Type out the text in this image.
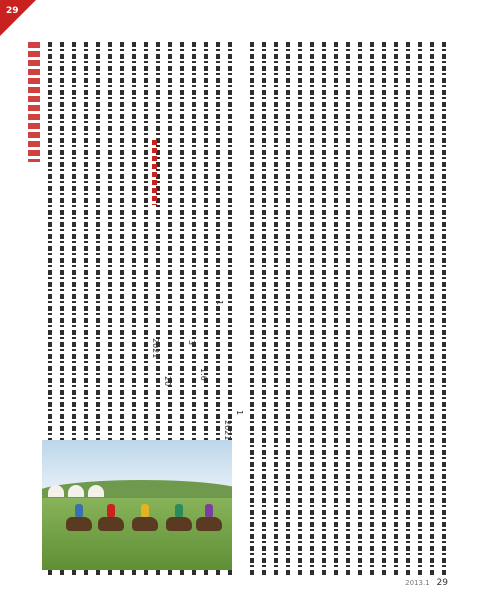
29
2021
20
3
1.6
1
2021
1
2013.1 29
